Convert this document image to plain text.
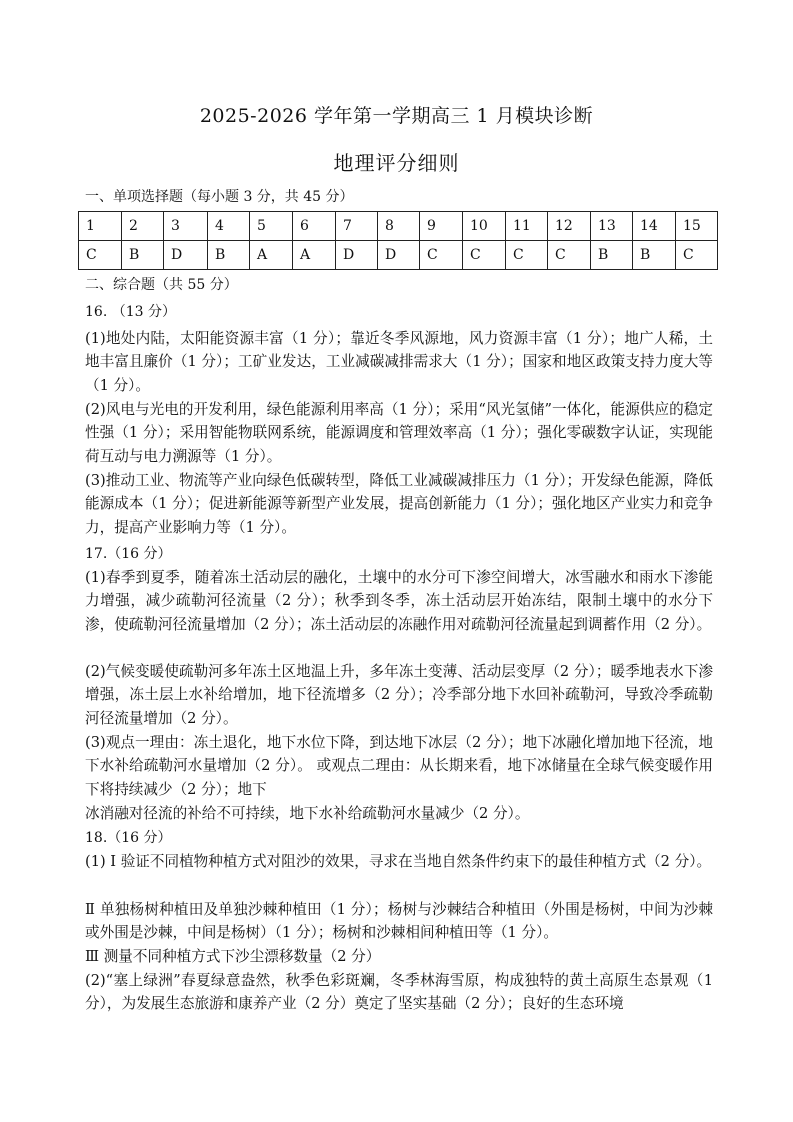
2025-2026 学年第一学期高三 1 月模块诊断
地理评分细则
一、单项选择题（每小题 3 分，共 45 分）
1	2	3	4	5	6	7	8	9	10	11	12	13	14	15
C	B	D	B	A	A	D	D	C	C	C	C	B	B	C
二、综合题（共 55 分）
16. （13 分）
(1)地处内陆，太阳能资源丰富（1 分）；靠近冬季风源地，风力资源丰富（1 分）；地广人稀，土地丰富且廉价（1 分）；工矿业发达，工业减碳减排需求大（1 分）；国家和地区政策支持力度大等（1 分）。
(2)风电与光电的开发利用，绿色能源利用率高（1 分）；采用“风光氢储”一体化，能源供应的稳定性强（1 分）；采用智能物联网系统，能源调度和管理效率高（1 分）；强化零碳数字认证，实现能荷互动与电力溯源等（1 分）。
(3)推动工业、物流等产业向绿色低碳转型，降低工业减碳减排压力（1 分）；开发绿色能源，降低能源成本（1 分）；促进新能源等新型产业发展，提高创新能力（1 分）；强化地区产业实力和竞争力，提高产业影响力等（1 分）。
17.（16 分）
(1)春季到夏季，随着冻土活动层的融化，土壤中的水分可下渗空间增大，冰雪融水和雨水下渗能力增强，减少疏勒河径流量（2 分）；秋季到冬季，冻土活动层开始冻结，限制土壤中的水分下渗，使疏勒河径流量增加（2 分）；冻土活动层的冻融作用对疏勒河径流量起到调蓄作用（2 分）。
(2)气候变暖使疏勒河多年冻土区地温上升，多年冻土变薄、活动层变厚（2 分）；暖季地表水下渗增强，冻土层上水补给增加，地下径流增多（2 分）；冷季部分地下水回补疏勒河，导致冷季疏勒河径流量增加（2 分）。
(3)观点一理由：冻土退化，地下水位下降，到达地下冰层（2 分）；地下冰融化增加地下径流，地下水补给疏勒河水量增加（2 分）。 或观点二理由：从长期来看，地下冰储量在全球气候变暖作用下将持续减少（2 分）；地下
冰消融对径流的补给不可持续，地下水补给疏勒河水量减少（2 分）。
18.（16 分）
(1) Ⅰ 验证不同植物种植方式对阻沙的效果，寻求在当地自然条件约束下的最佳种植方式（2 分）。
Ⅱ 单独杨树种植田及单独沙棘种植田（1 分）；杨树与沙棘结合种植田（外围是杨树，中间为沙棘或外围是沙棘，中间是杨树）（1 分）；杨树和沙棘相间种植田等（1 分）。
Ⅲ 测量不同种植方式下沙尘漂移数量（2 分）
(2)“塞上绿洲”春夏绿意盎然，秋季色彩斑斓，冬季林海雪原，构成独特的黄土高原生态景观（1 分），为发展生态旅游和康养产业（2 分）奠定了坚实基础（2 分）；良好的生态环境
